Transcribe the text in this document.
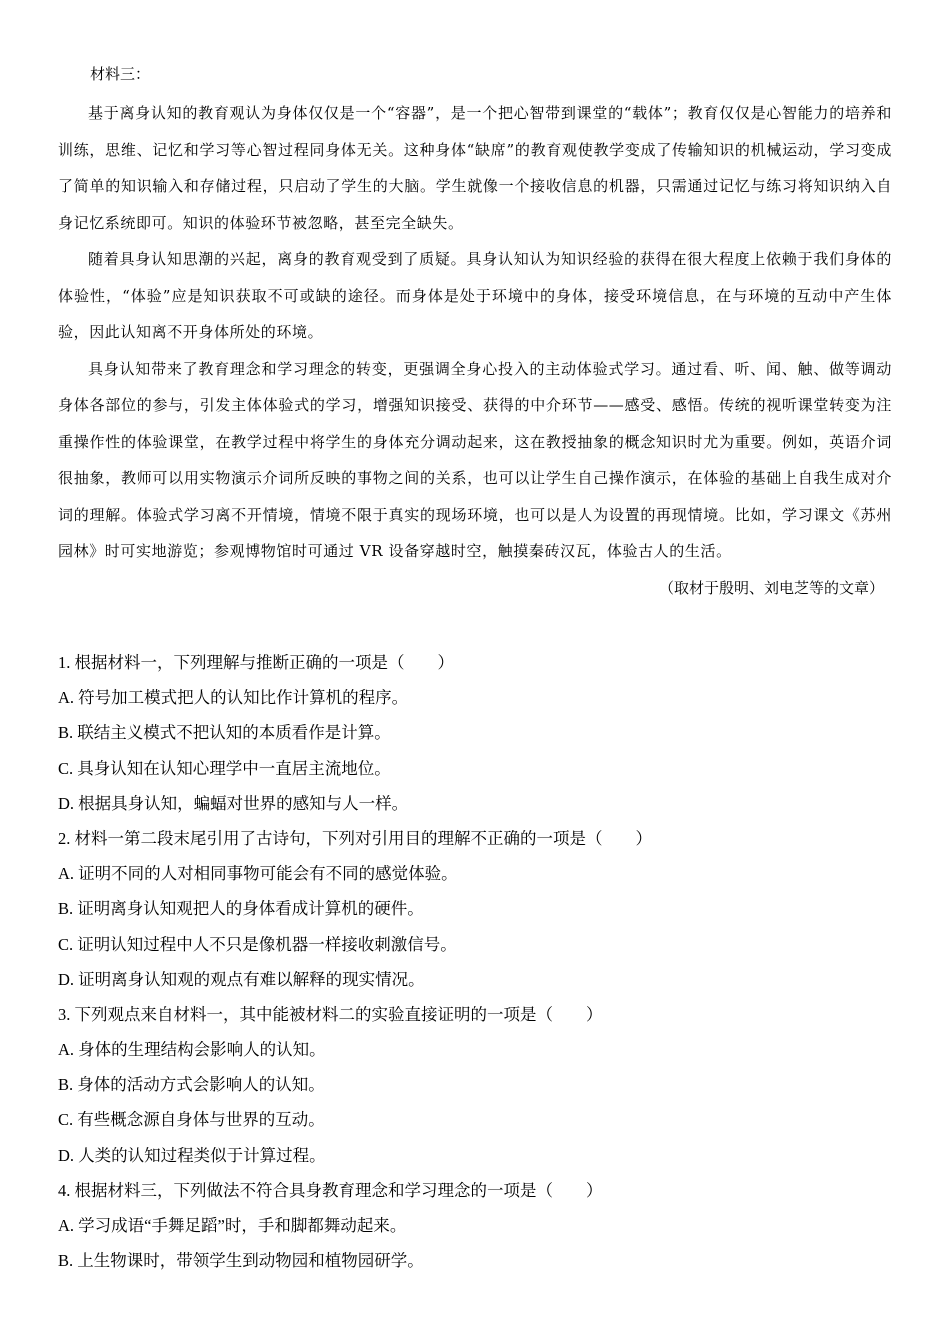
材料三：

基于离身认知的教育观认为身体仅仅是一个“容器”，是一个把心智带到课堂的“载体”；教育仅仅是心智能力的培养和训练，思维、记忆和学习等心智过程同身体无关。这种身体“缺席”的教育观使教学变成了传输知识的机械运动，学习变成了简单的知识输入和存储过程，只启动了学生的大脑。学生就像一个接收信息的机器，只需通过记忆与练习将知识纳入自身记忆系统即可。知识的体验环节被忽略，甚至完全缺失。

随着具身认知思潮的兴起，离身的教育观受到了质疑。具身认知认为知识经验的获得在很大程度上依赖于我们身体的体验性，“体验”应是知识获取不可或缺的途径。而身体是处于环境中的身体，接受环境信息，在与环境的互动中产生体验，因此认知离不开身体所处的环境。

具身认知带来了教育理念和学习理念的转变，更强调全身心投入的主动体验式学习。通过看、听、闻、触、做等调动身体各部位的参与，引发主体体验式的学习，增强知识接受、获得的中介环节——感受、感悟。传统的视听课堂转变为注重操作性的体验课堂，在教学过程中将学生的身体充分调动起来，这在教授抽象的概念知识时尤为重要。例如，英语介词很抽象，教师可以用实物演示介词所反映的事物之间的关系，也可以让学生自己操作演示，在体验的基础上自我生成对介词的理解。体验式学习离不开情境，情境不限于真实的现场环境，也可以是人为设置的再现情境。比如，学习课文《苏州园林》时可实地游览；参观博物馆时可通过 VR 设备穿越时空，触摸秦砖汉瓦，体验古人的生活。

（取材于殷明、刘电芝等的文章）

1. 根据材料一，下列理解与推断正确的一项是（　　）

A. 符号加工模式把人的认知比作计算机的程序。

B. 联结主义模式不把认知的本质看作是计算。

C. 具身认知在认知心理学中一直居主流地位。

D. 根据具身认知，蝙蝠对世界的感知与人一样。

2. 材料一第二段末尾引用了古诗句，下列对引用目的理解不正确的一项是（　　）

A. 证明不同的人对相同事物可能会有不同的感觉体验。

B. 证明离身认知观把人的身体看成计算机的硬件。

C. 证明认知过程中人不只是像机器一样接收刺激信号。

D. 证明离身认知观的观点有难以解释的现实情况。

3. 下列观点来自材料一，其中能被材料二的实验直接证明的一项是（　　）

A. 身体的生理结构会影响人的认知。

B. 身体的活动方式会影响人的认知。

C. 有些概念源自身体与世界的互动。

D. 人类的认知过程类似于计算过程。

4. 根据材料三，下列做法不符合具身教育理念和学习理念的一项是（　　）

A. 学习成语“手舞足蹈”时，手和脚都舞动起来。

B. 上生物课时，带领学生到动物园和植物园研学。
